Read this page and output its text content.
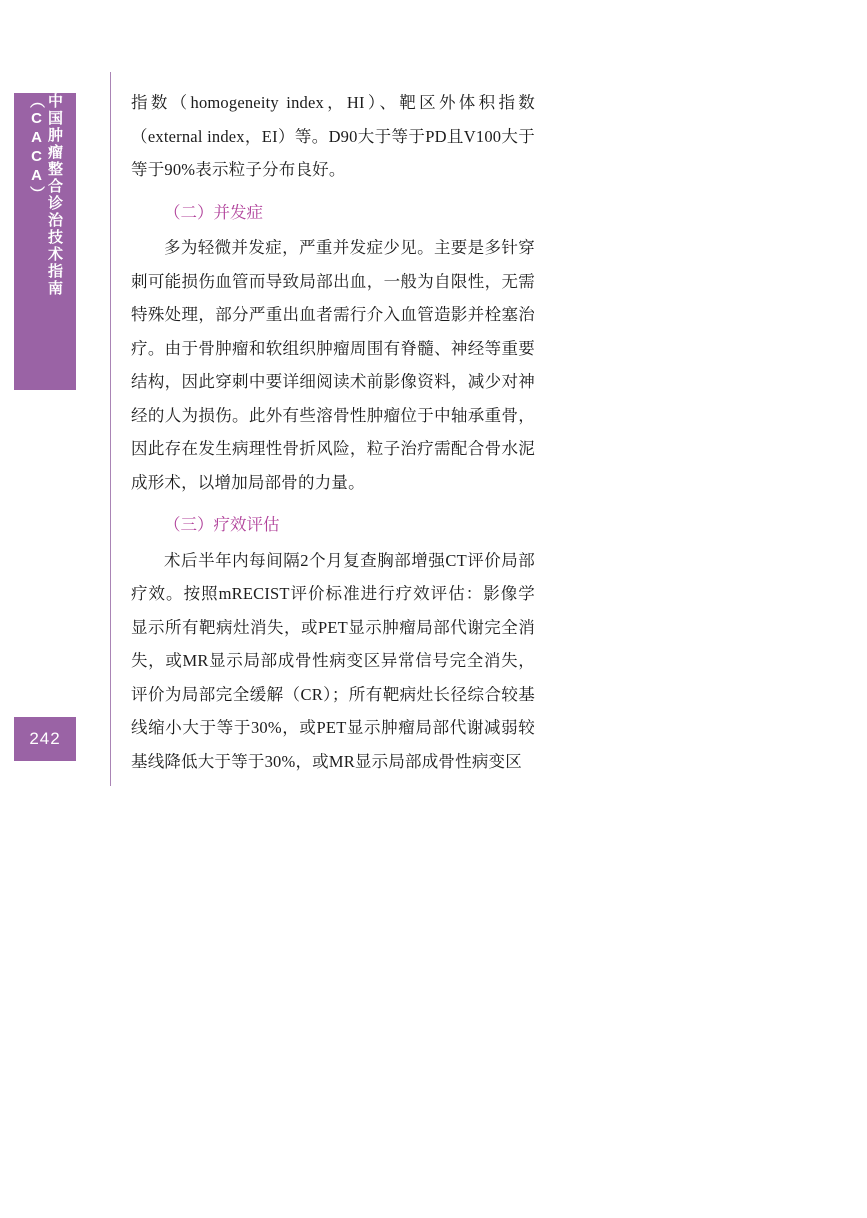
中国肿瘤整合诊治技术指南（CACA）
242

指数（homogeneity index，HI）、靶区外体积指数（external index，EI）等。D90大于等于PD且V100大于等于90%表示粒子分布良好。

（二）并发症

多为轻微并发症，严重并发症少见。主要是多针穿刺可能损伤血管而导致局部出血，一般为自限性，无需特殊处理，部分严重出血者需行介入血管造影并栓塞治疗。由于骨肿瘤和软组织肿瘤周围有脊髓、神经等重要结构，因此穿刺中要详细阅读术前影像资料，减少对神经的人为损伤。此外有些溶骨性肿瘤位于中轴承重骨，因此存在发生病理性骨折风险，粒子治疗需配合骨水泥成形术，以增加局部骨的力量。

（三）疗效评估

术后半年内每间隔2个月复查胸部增强CT评价局部疗效。按照mRECIST评价标准进行疗效评估：影像学显示所有靶病灶消失，或PET显示肿瘤局部代谢完全消失，或MR显示局部成骨性病变区异常信号完全消失，评价为局部完全缓解（CR）；所有靶病灶长径综合较基线缩小大于等于30%，或PET显示肿瘤局部代谢减弱较基线降低大于等于30%，或MR显示局部成骨性病变区
